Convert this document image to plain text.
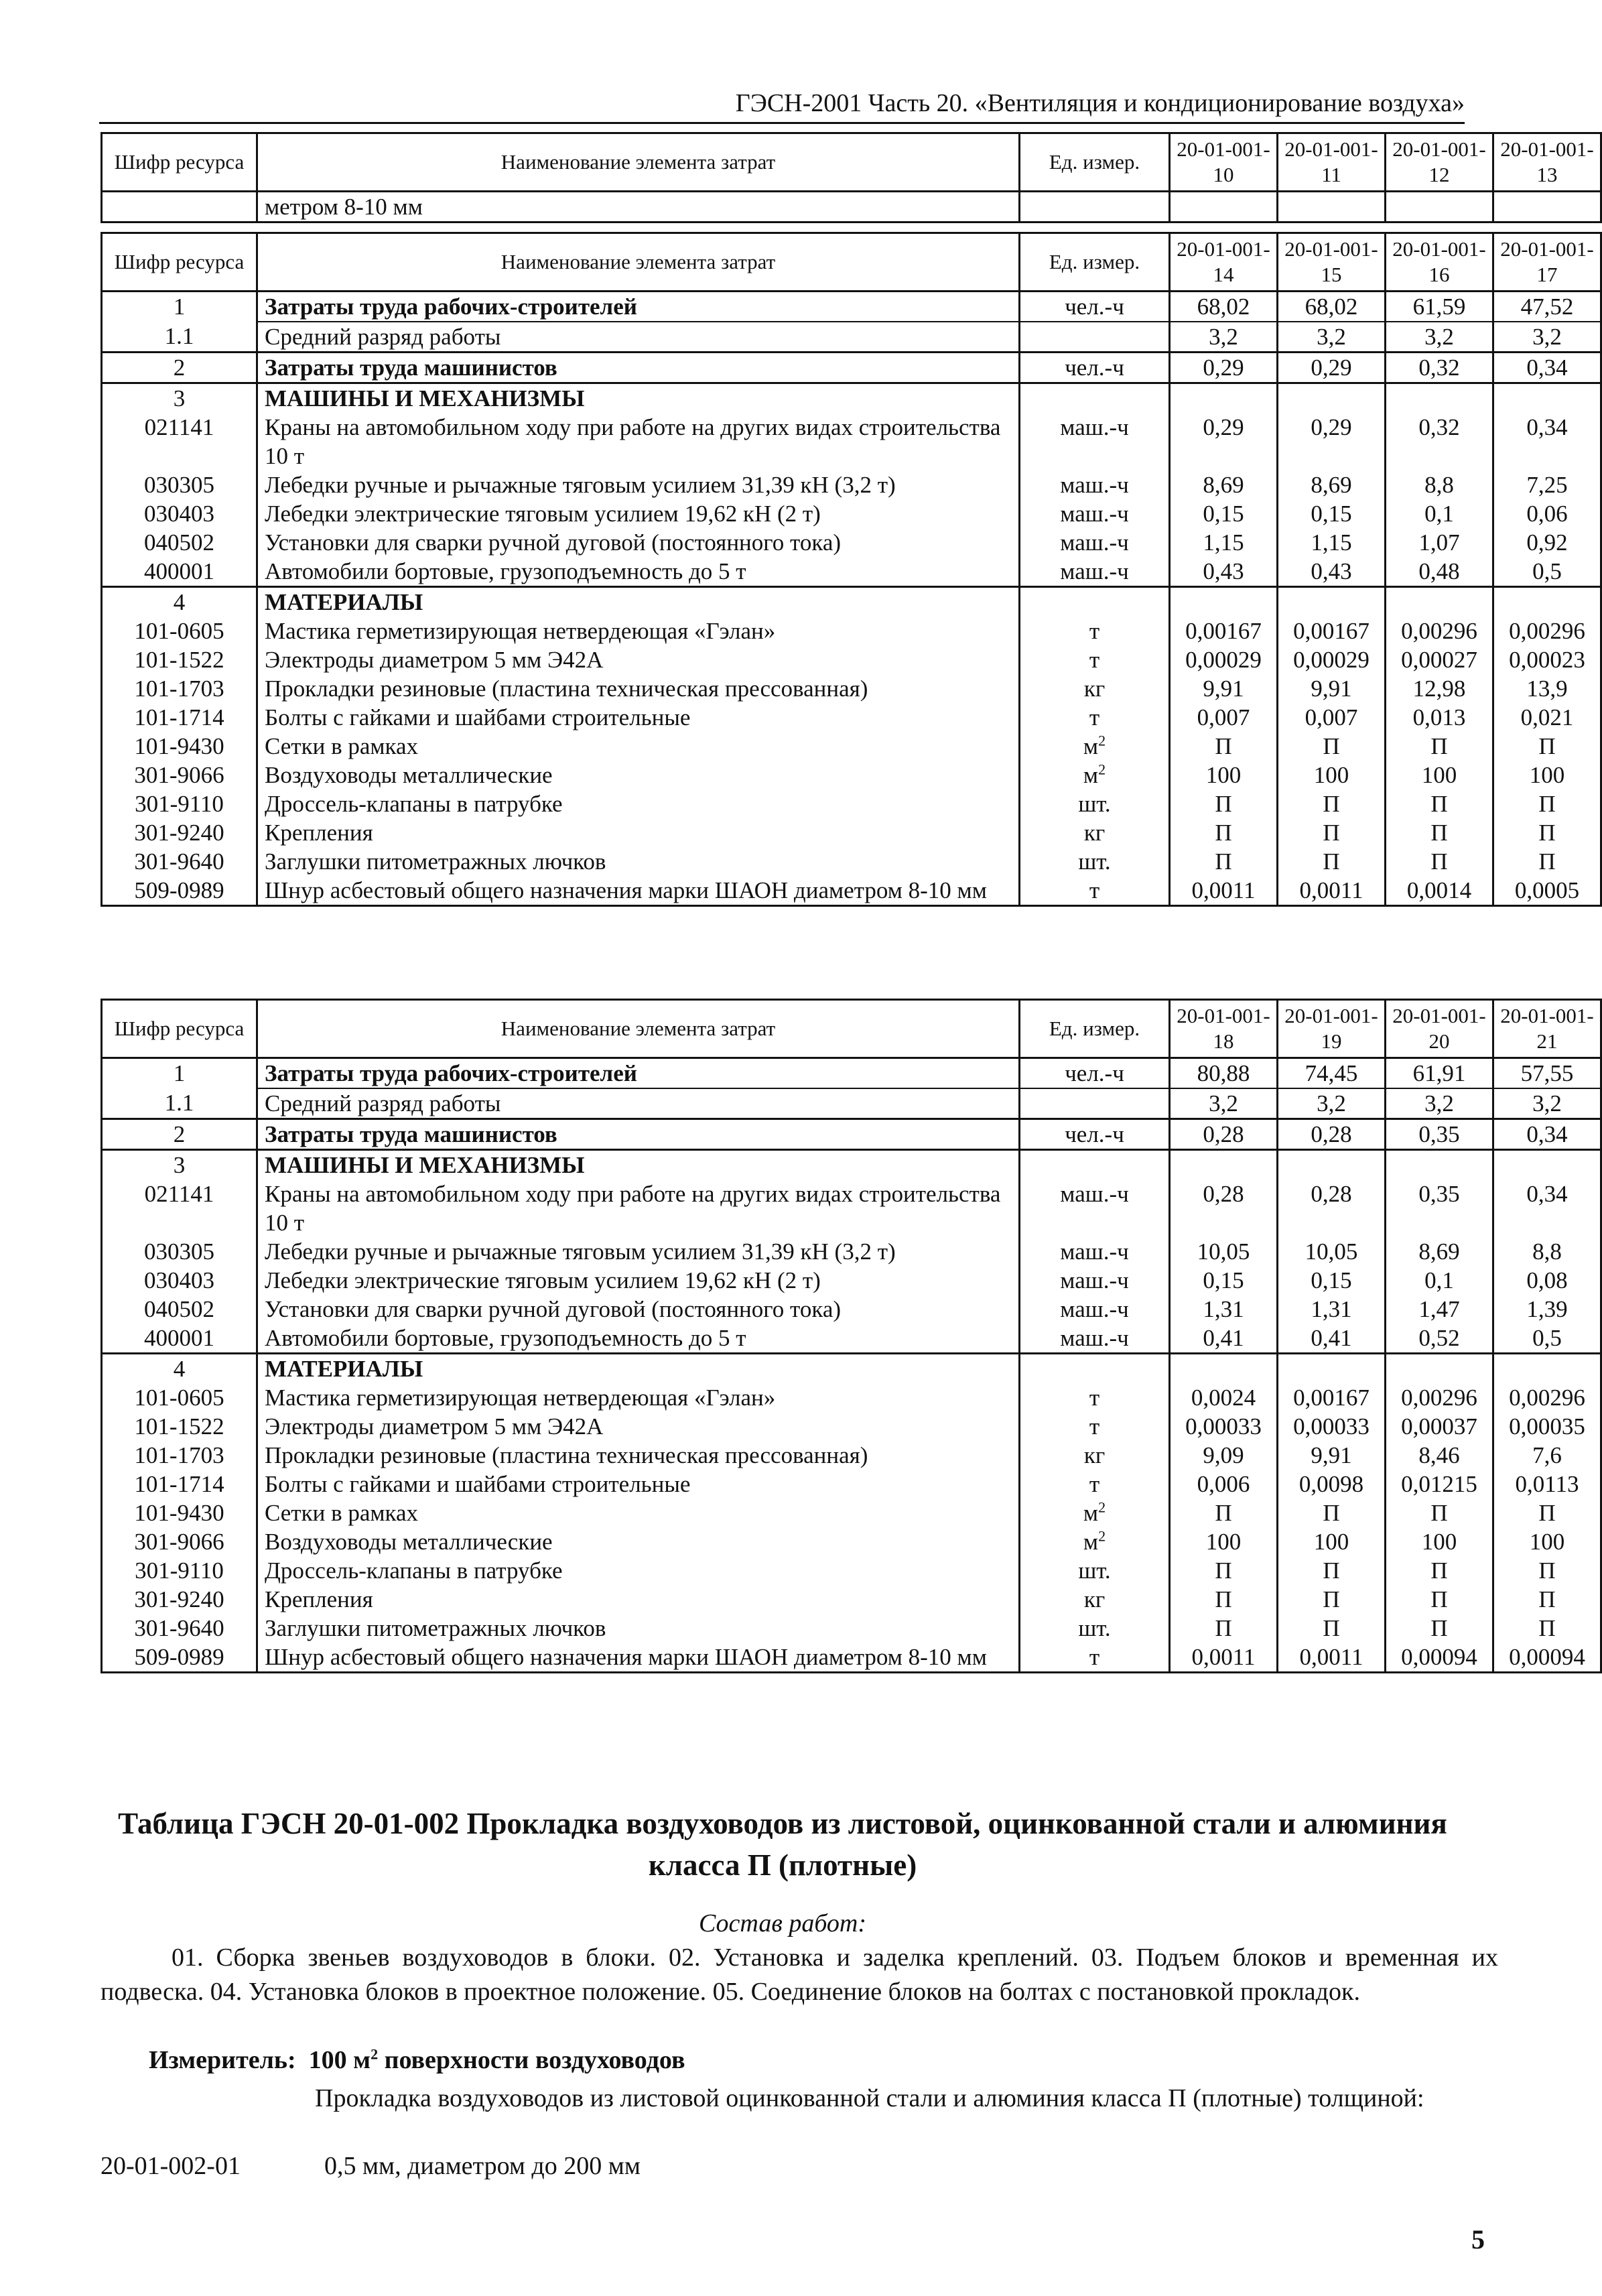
ГЭСН-2001 Часть 20. «Вентиляция и кондиционирование воздуха»
Шифр ресурса	Наименование элемента затрат	Ед. измер.	20-01-001-10	20-01-001-11	20-01-001-12	20-01-001-13
	метром 8-10 мм					
Шифр ресурса	Наименование элемента затрат	Ед. измер.	20-01-001-14	20-01-001-15	20-01-001-16	20-01-001-17
1	Затраты труда рабочих-строителей	чел.-ч	68,02	68,02	61,59	47,52
1.1	Средний разряд работы		3,2	3,2	3,2	3,2
2	Затраты труда машинистов	чел.-ч	0,29	0,29	0,32	0,34
3	МАШИНЫ И МЕХАНИЗМЫ					
021141	Краны на автомобильном ходу при работе на других видах строительства 10 т	маш.-ч	0,29	0,29	0,32	0,34
030305	Лебедки ручные и рычажные тяговым усилием 31,39 кН (3,2 т)	маш.-ч	8,69	8,69	8,8	7,25
030403	Лебедки электрические тяговым усилием 19,62 кН (2 т)	маш.-ч	0,15	0,15	0,1	0,06
040502	Установки для сварки ручной дуговой (постоянного тока)	маш.-ч	1,15	1,15	1,07	0,92
400001	Автомобили бортовые, грузоподъемность до 5 т	маш.-ч	0,43	0,43	0,48	0,5
4	МАТЕРИАЛЫ					
101-0605	Мастика герметизирующая нетвердеющая «Гэлан»	т	0,00167	0,00167	0,00296	0,00296
101-1522	Электроды диаметром 5 мм Э42А	т	0,00029	0,00029	0,00027	0,00023
101-1703	Прокладки резиновые (пластина техническая прессованная)	кг	9,91	9,91	12,98	13,9
101-1714	Болты с гайками и шайбами строительные	т	0,007	0,007	0,013	0,021
101-9430	Сетки в рамках	$м^2$	П	П	П	П
301-9066	Воздуховоды металлические	$м^2$	100	100	100	100
301-9110	Дроссель-клапаны в патрубке	шт.	П	П	П	П
301-9240	Крепления	кг	П	П	П	П
301-9640	Заглушки питометражных лючков	шт.	П	П	П	П
509-0989	Шнур асбестовый общего назначения марки ШАОН диаметром 8-10 мм	т	0,0011	0,0011	0,0014	0,0005
Шифр ресурса	Наименование элемента затрат	Ед. измер.	20-01-001-18	20-01-001-19	20-01-001-20	20-01-001-21
1	Затраты труда рабочих-строителей	чел.-ч	80,88	74,45	61,91	57,55
1.1	Средний разряд работы		3,2	3,2	3,2	3,2
2	Затраты труда машинистов	чел.-ч	0,28	0,28	0,35	0,34
3	МАШИНЫ И МЕХАНИЗМЫ					
021141	Краны на автомобильном ходу при работе на других видах строительства 10 т	маш.-ч	0,28	0,28	0,35	0,34
030305	Лебедки ручные и рычажные тяговым усилием 31,39 кН (3,2 т)	маш.-ч	10,05	10,05	8,69	8,8
030403	Лебедки электрические тяговым усилием 19,62 кН (2 т)	маш.-ч	0,15	0,15	0,1	0,08
040502	Установки для сварки ручной дуговой (постоянного тока)	маш.-ч	1,31	1,31	1,47	1,39
400001	Автомобили бортовые, грузоподъемность до 5 т	маш.-ч	0,41	0,41	0,52	0,5
4	МАТЕРИАЛЫ					
101-0605	Мастика герметизирующая нетвердеющая «Гэлан»	т	0,0024	0,00167	0,00296	0,00296
101-1522	Электроды диаметром 5 мм Э42А	т	0,00033	0,00033	0,00037	0,00035
101-1703	Прокладки резиновые (пластина техническая прессованная)	кг	9,09	9,91	8,46	7,6
101-1714	Болты с гайками и шайбами строительные	т	0,006	0,0098	0,01215	0,0113
101-9430	Сетки в рамках	$м^2$	П	П	П	П
301-9066	Воздуховоды металлические	$м^2$	100	100	100	100
301-9110	Дроссель-клапаны в патрубке	шт.	П	П	П	П
301-9240	Крепления	кг	П	П	П	П
301-9640	Заглушки питометражных лючков	шт.	П	П	П	П
509-0989	Шнур асбестовый общего назначения марки ШАОН диаметром 8-10 мм	т	0,0011	0,0011	0,00094	0,00094
Таблица ГЭСН 20-01-002 Прокладка воздуховодов из листовой, оцинкованной стали и алюминия класса П (плотные)
Состав работ:
01. Сборка звеньев воздуховодов в блоки. 02. Установка и заделка креплений. 03. Подъем блоков и временная их подвеска. 04. Установка блоков в проектное положение. 05. Соединение блоков на болтах с постановкой прокладок.
Измеритель: 100 $м^2$ поверхности воздуховодов
Прокладка воздуховодов из листовой оцинкованной стали и алюминия класса П (плотные) толщиной:
20-01-002-01	0,5 мм, диаметром до 200 мм
5
